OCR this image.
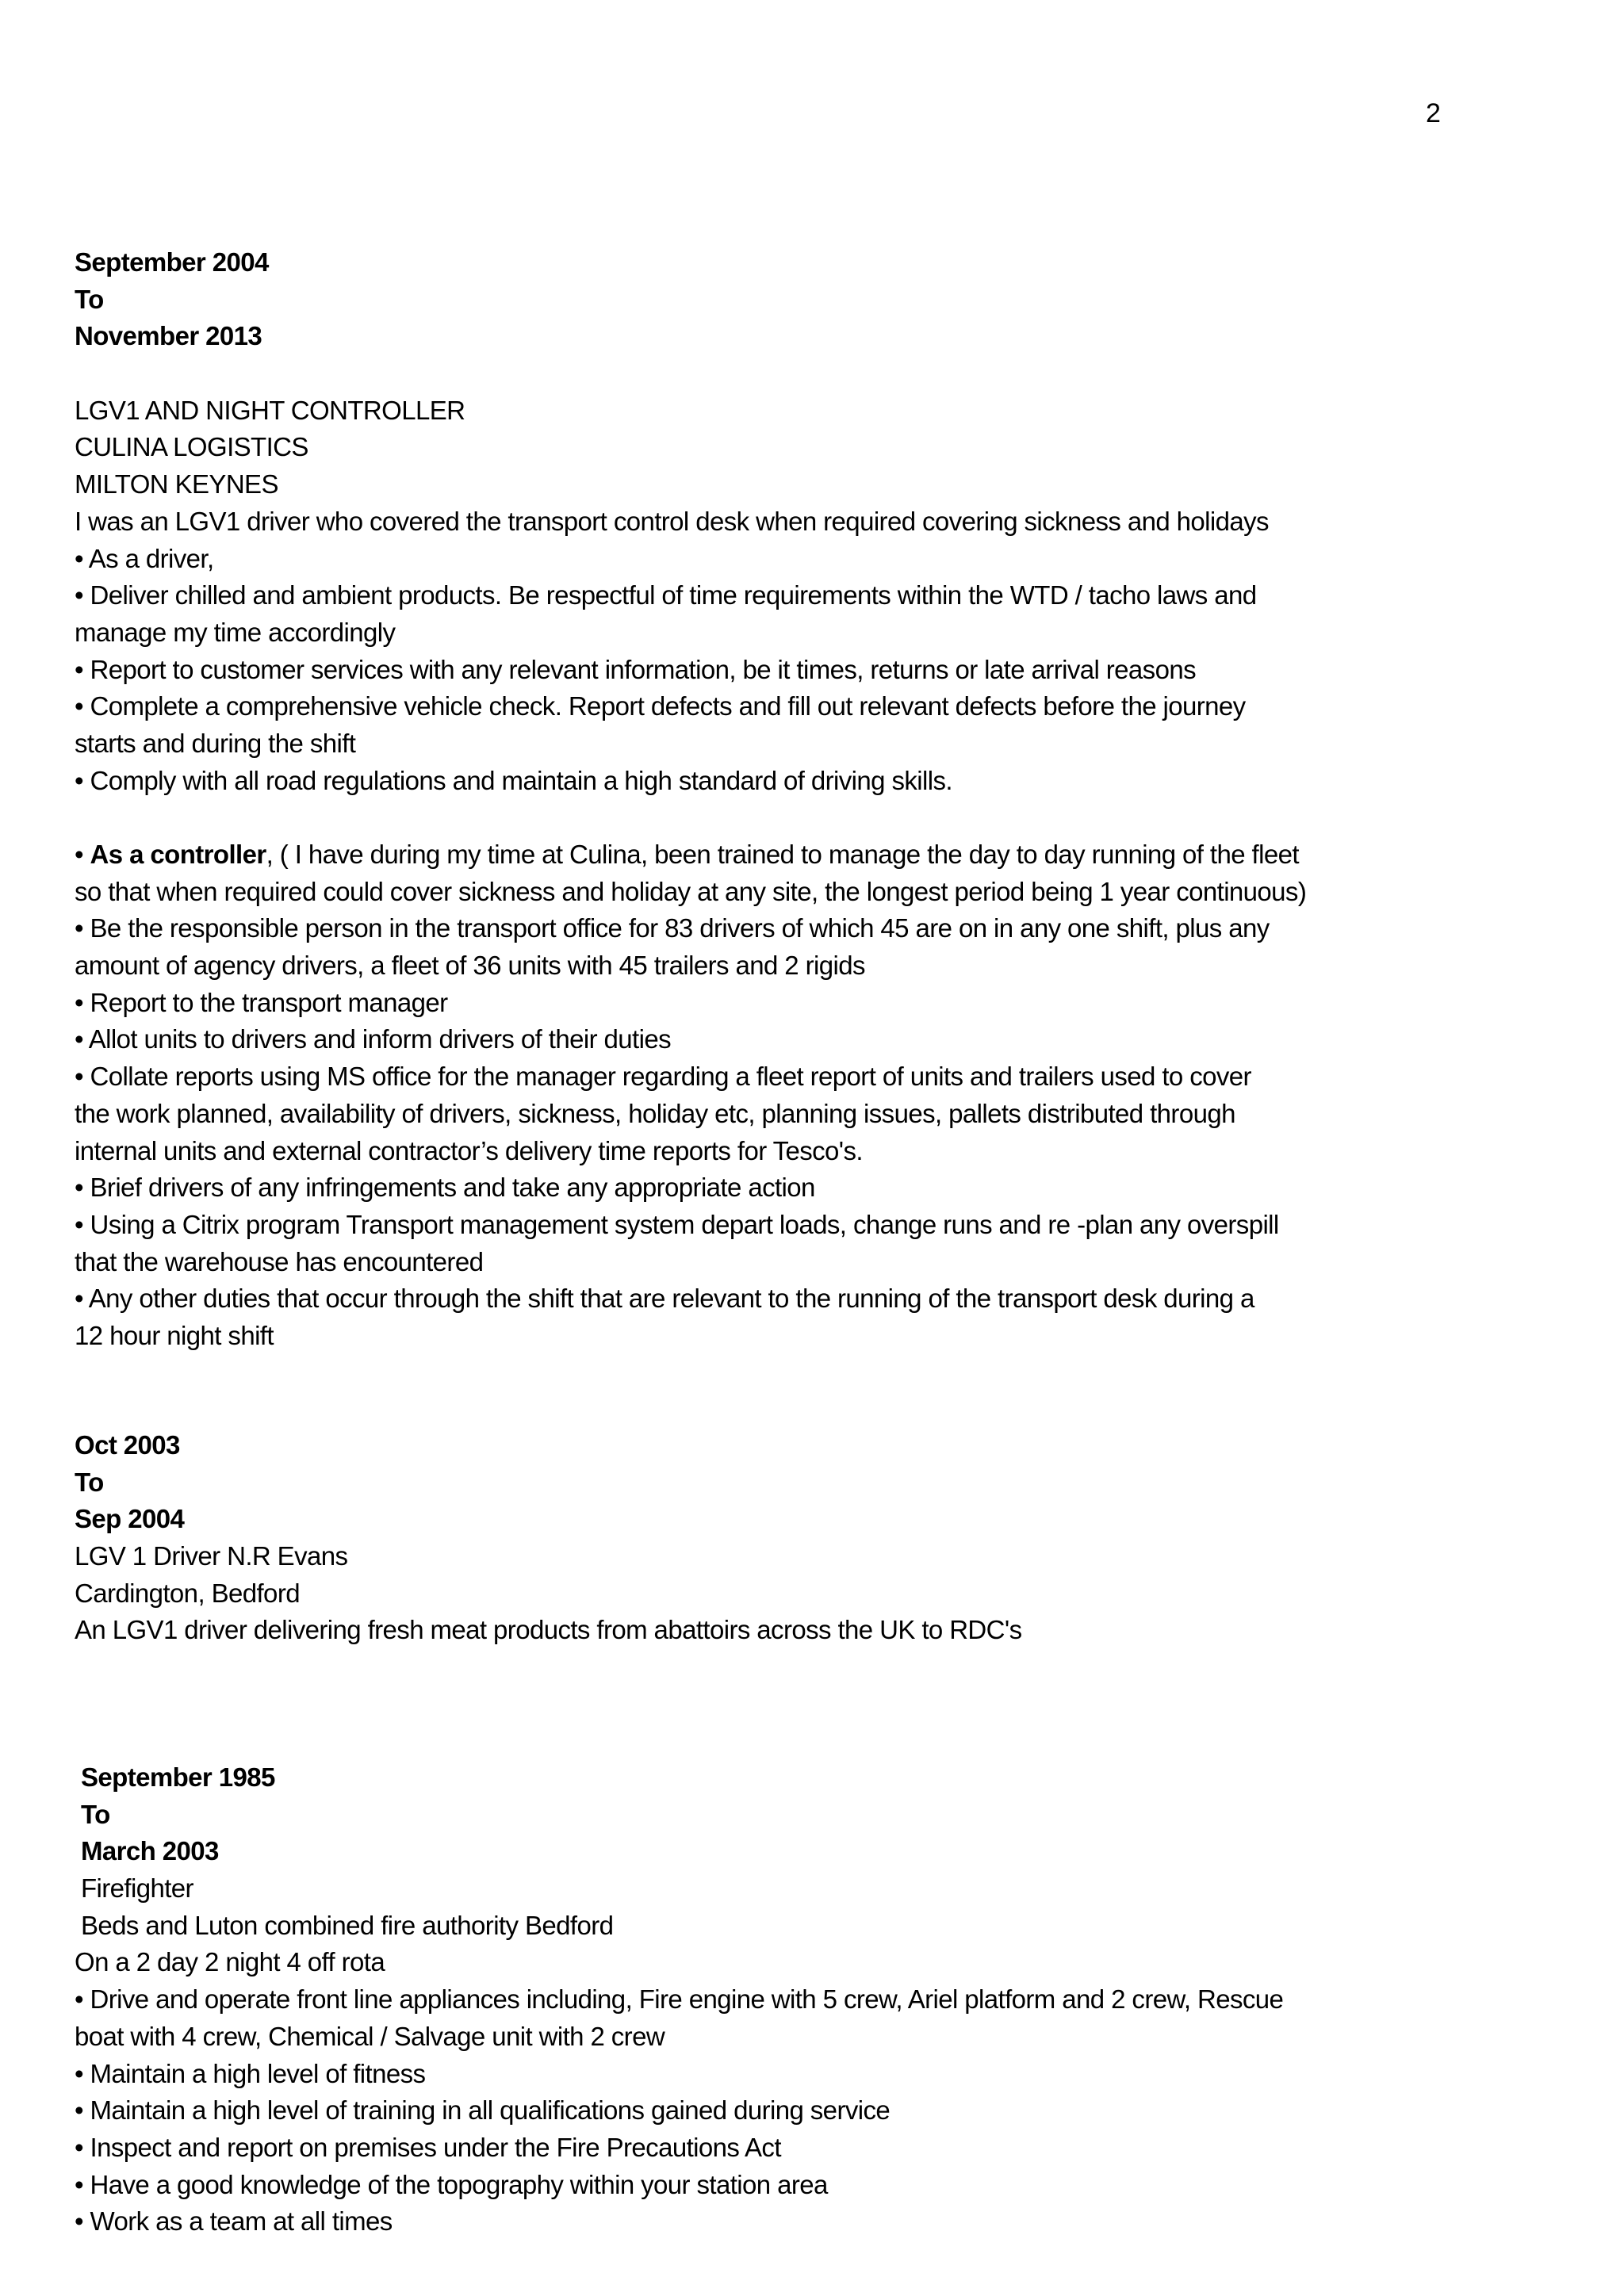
2
September 2004
To
November 2013
LGV1 AND NIGHT CONTROLLER
CULINA LOGISTICS
MILTON KEYNES
I was an LGV1 driver who covered the transport control desk when required covering sickness and holidays
• As a driver,
• Deliver chilled and ambient products. Be respectful of time requirements within the WTD / tacho laws and
manage my time accordingly
• Report to customer services with any relevant information, be it times, returns or late arrival reasons
• Complete a comprehensive vehicle check. Report defects and fill out relevant defects before the journey
starts and during the shift
• Comply with all road regulations and maintain a high standard of driving skills.
• As a controller, ( I have during my time at Culina, been trained to manage the day to day running of the fleet
so that when required could cover sickness and holiday at any site, the longest period being 1 year continuous)
• Be the responsible person in the transport office for 83 drivers of which 45 are on in any one shift, plus any
amount of agency drivers, a fleet of 36 units with 45 trailers and 2 rigids
• Report to the transport manager
• Allot units to drivers and inform drivers of their duties
• Collate reports using MS office for the manager regarding a fleet report of units and trailers used to cover
the work planned, availability of drivers, sickness, holiday etc, planning issues, pallets distributed through
internal units and external contractor’s delivery time reports for Tesco's.
• Brief drivers of any infringements and take any appropriate action
• Using a Citrix program Transport management system depart loads, change runs and re -plan any overspill
that the warehouse has encountered
• Any other duties that occur through the shift that are relevant to the running of the transport desk during a
12 hour night shift
Oct 2003
To
Sep 2004
LGV 1 Driver N.R Evans
Cardington, Bedford
An LGV1 driver delivering fresh meat products from abattoirs across the UK to RDC's
September 1985
To
March 2003
Firefighter
Beds and Luton combined fire authority Bedford
On a 2 day 2 night 4 off rota
• Drive and operate front line appliances including, Fire engine with 5 crew, Ariel platform and 2 crew, Rescue
boat with 4 crew, Chemical / Salvage unit with 2 crew
• Maintain a high level of fitness
• Maintain a high level of training in all qualifications gained during service
• Inspect and report on premises under the Fire Precautions Act
• Have a good knowledge of the topography within your station area
• Work as a team at all times
